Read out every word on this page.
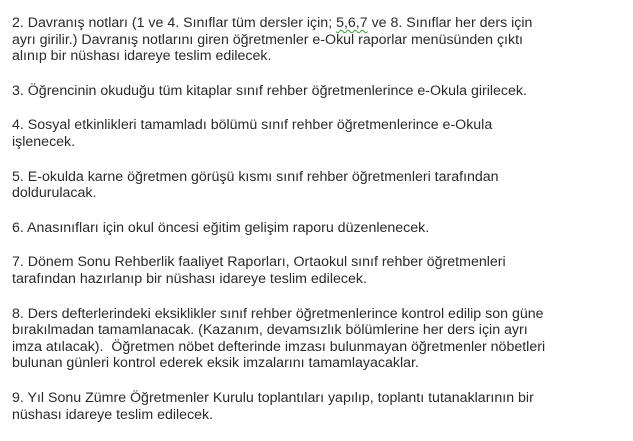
2. Davranış notları (1 ve 4. Sınıflar tüm dersler için; 5,6,7 ve 8. Sınıflar her ders için
ayrı girilir.) Davranış notlarını giren öğretmenler e-Okul raporlar menüsünden çıktı
alınıp bir nüshası idareye teslim edilecek.

3. Öğrencinin okuduğu tüm kitaplar sınıf rehber öğretmenlerince e-Okula girilecek.

4. Sosyal etkinlikleri tamamladı bölümü sınıf rehber öğretmenlerince e-Okula
işlenecek.

5. E-okulda karne öğretmen görüşü kısmı sınıf rehber öğretmenleri tarafından
doldurulacak.

6. Anasınıfları için okul öncesi eğitim gelişim raporu düzenlenecek.

7. Dönem Sonu Rehberlik faaliyet Raporları, Ortaokul sınıf rehber öğretmenleri
tarafından hazırlanıp bir nüshası idareye teslim edilecek.

8. Ders defterlerindeki eksiklikler sınıf rehber öğretmenlerince kontrol edilip son güne
bırakılmadan tamamlanacak. (Kazanım, devamsızlık bölümlerine her ders için ayrı
imza atılacak).  Öğretmen nöbet defterinde imzası bulunmayan öğretmenler nöbetleri
bulunan günleri kontrol ederek eksik imzalarını tamamlayacaklar.

9. Yıl Sonu Zümre Öğretmenler Kurulu toplantıları yapılıp, toplantı tutanaklarının bir
nüshası idareye teslim edilecek.
